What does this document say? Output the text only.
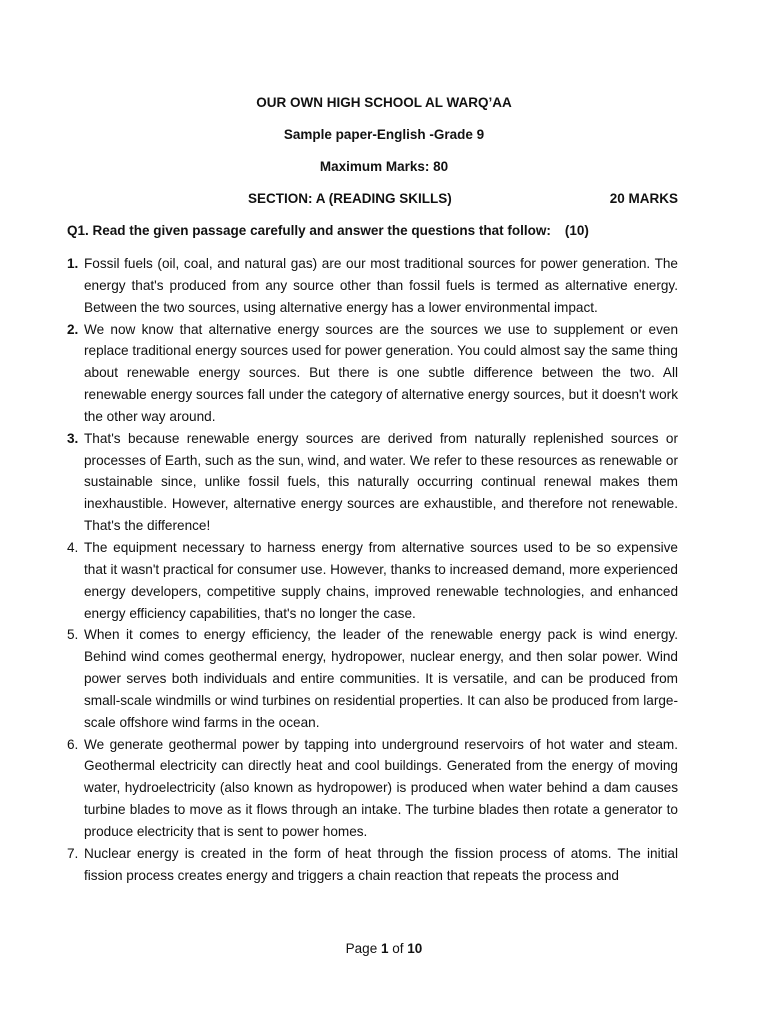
OUR OWN HIGH SCHOOL AL WARQ’AA
Sample paper-English -Grade 9
Maximum Marks: 80
SECTION: A (READING SKILLS)	20 MARKS
Q1. Read the given passage carefully and answer the questions that follow: (10)
1. Fossil fuels (oil, coal, and natural gas) are our most traditional sources for power generation. The energy that's produced from any source other than fossil fuels is termed as alternative energy. Between the two sources, using alternative energy has a lower environmental impact.
2. We now know that alternative energy sources are the sources we use to supplement or even replace traditional energy sources used for power generation. You could almost say the same thing about renewable energy sources. But there is one subtle difference between the two. All renewable energy sources fall under the category of alternative energy sources, but it doesn't work the other way around.
3. That's because renewable energy sources are derived from naturally replenished sources or processes of Earth, such as the sun, wind, and water. We refer to these resources as renewable or sustainable since, unlike fossil fuels, this naturally occurring continual renewal makes them inexhaustible. However, alternative energy sources are exhaustible, and therefore not renewable. That's the difference!
4. The equipment necessary to harness energy from alternative sources used to be so expensive that it wasn't practical for consumer use. However, thanks to increased demand, more experienced energy developers, competitive supply chains, improved renewable technologies, and enhanced energy efficiency capabilities, that's no longer the case.
5. When it comes to energy efficiency, the leader of the renewable energy pack is wind energy. Behind wind comes geothermal energy, hydropower, nuclear energy, and then solar power. Wind power serves both individuals and entire communities. It is versatile, and can be produced from small-scale windmills or wind turbines on residential properties. It can also be produced from large-scale offshore wind farms in the ocean.
6. We generate geothermal power by tapping into underground reservoirs of hot water and steam. Geothermal electricity can directly heat and cool buildings. Generated from the energy of moving water, hydroelectricity (also known as hydropower) is produced when water behind a dam causes turbine blades to move as it flows through an intake. The turbine blades then rotate a generator to produce electricity that is sent to power homes.
7. Nuclear energy is created in the form of heat through the fission process of atoms. The initial fission process creates energy and triggers a chain reaction that repeats the process and
Page 1 of 10
